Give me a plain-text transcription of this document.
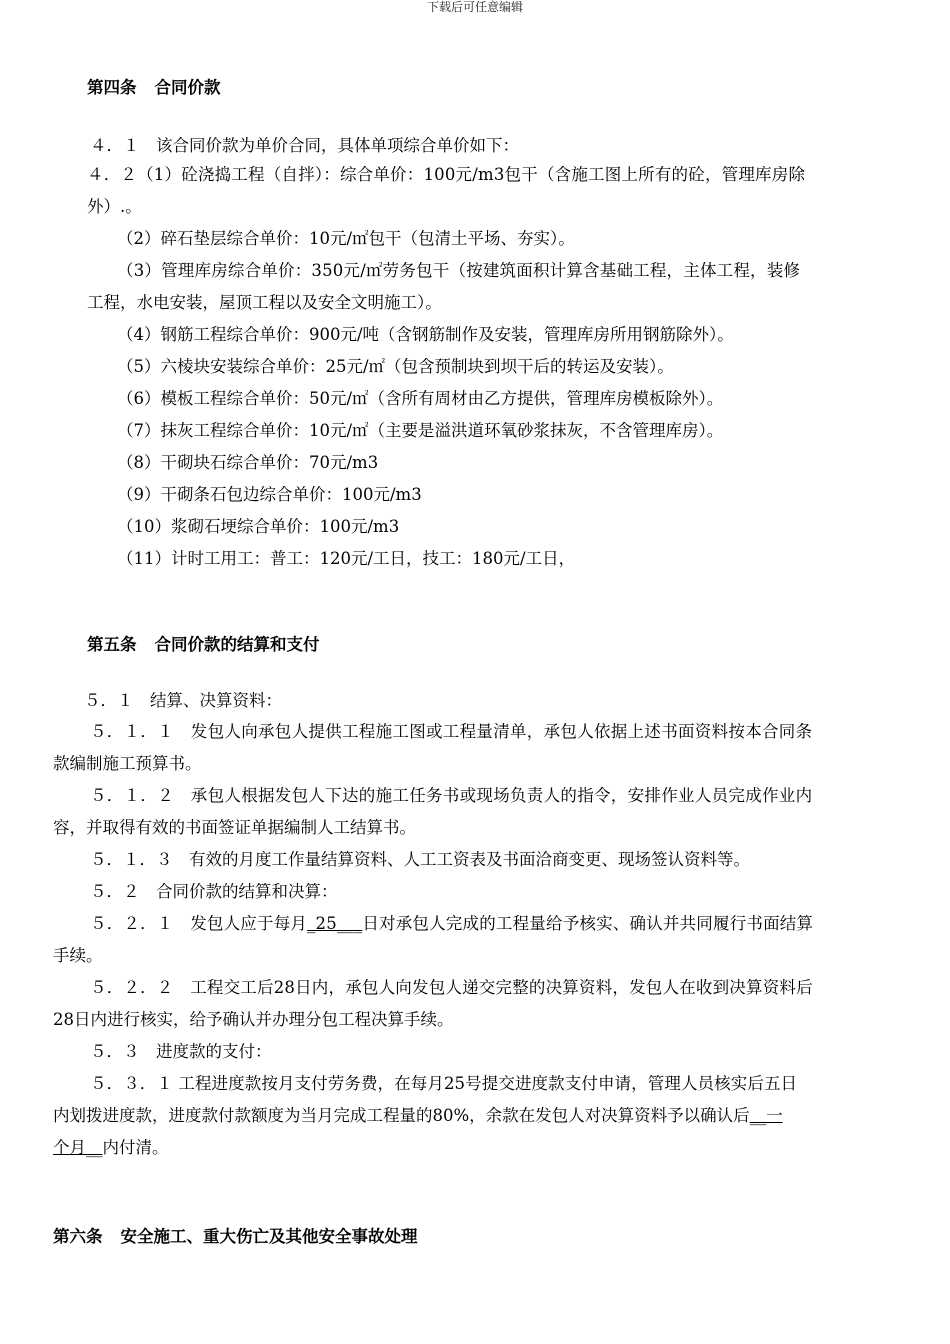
下载后可任意编辑
第四条 合同价款
４．１　该合同价款为单价合同，具体单项综合单价如下：
４．２（1）砼浇捣工程（自拌）：综合单价：100元/m3包干（含施工图上所有的砼，管理库房除
外）.。
（2）碎石垫层综合单价：10元/㎡包干（包清土平场、夯实）。
（3）管理库房综合单价：350元/㎡劳务包干（按建筑面积计算含基础工程，主体工程，装修
工程，水电安装，屋顶工程以及安全文明施工）。
（4）钢筋工程综合单价：900元/吨（含钢筋制作及安装，管理库房所用钢筋除外）。
（5）六棱块安装综合单价：25元/㎡（包含预制块到坝干后的转运及安装）。
（6）模板工程综合单价：50元/㎡（含所有周材由乙方提供，管理库房模板除外）。
（7）抹灰工程综合单价：10元/㎡（主要是溢洪道环氧砂浆抹灰，不含管理库房）。
（8）干砌块石综合单价：70元/m3
（9）干砌条石包边综合单价：100元/m3
（10）浆砌石埂综合单价：100元/m3
（11）计时工用工：普工：120元/工日，技工：180元/工日，
第五条 合同价款的结算和支付
５．１　结算、决算资料：
５．１．１　发包人向承包人提供工程施工图或工程量清单，承包人依据上述书面资料按本合同条
款编制施工预算书。
５．１．２　承包人根据发包人下达的施工任务书或现场负责人的指令，安排作业人员完成作业内
容，并取得有效的书面签证单据编制人工结算书。
５．１．３　有效的月度工作量结算资料、人工工资表及书面洽商变更、现场签认资料等。
５．２　合同价款的结算和决算：
５．２．１　发包人应于每月_25___日对承包人完成的工程量给予核实、确认并共同履行书面结算
手续。
５．２．２　工程交工后28日内，承包人向发包人递交完整的决算资料，发包人在收到决算资料后
28日内进行核实，给予确认并办理分包工程决算手续。
５．３　进度款的支付：
５．３．１ 工程进度款按月支付劳务费，在每月25号提交进度款支付申请，管理人员核实后五日
内划拨进度款，进度款付款额度为当月完成工程量的80%，余款在发包人对决算资料予以确认后__一
个月__内付清。
第六条 安全施工、重大伤亡及其他安全事故处理
